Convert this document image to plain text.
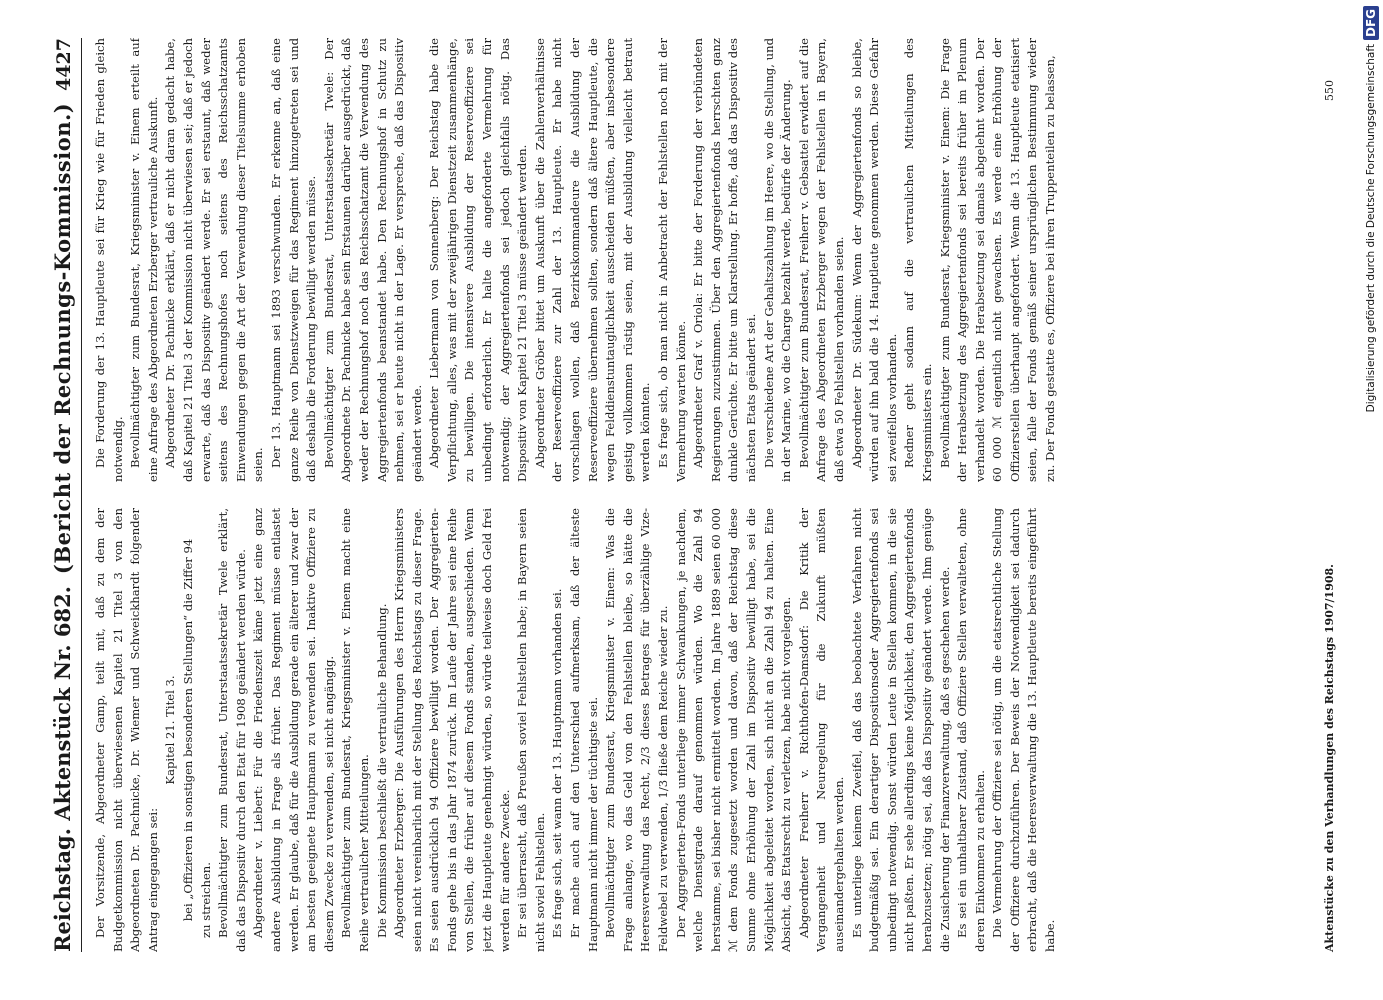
Reichstag. Aktenstück Nr. 682.
(Bericht der Rechnungs-Kommission.)
4427

Der Vorsitzende, Abgeordneter Gamp, teilt mit, daß zu dem der Budgetkommission nicht überwiesenen Kapitel 21 Titel 3 von den Abgeordneten Dr. Pachnicke, Dr. Wiemer und Schweickhardt folgender Antrag eingegangen sei:

Kapitel 21. Titel 3. bei „Offizieren in sonstigen besonderen Stellungen“ die Ziffer 94 zu streichen. Bevollmächtigter zum Bundesrat, Unterstaatssekretär Twele erklärt, daß das Dispositiv durch den Etat für 1908 geändert werden würde. Abgeordneter v. Liebert: Für die Friedenszeit käme jetzt eine ganz andere Ausbildung in Frage als früher. Das Regiment müsse entlastet werden. Er glaube, daß für die Ausbildung gerade ein älterer und zwar der am besten geeignete Hauptmann zu verwenden sei. Inaktive Offiziere zu diesem Zwecke zu verwenden, sei nicht angängig. Bevollmächtigter zum Bundesrat, Kriegsminister v. Einem macht eine Reihe vertraulicher Mitteilungen. Die Kommission beschließt die vertrauliche Behandlung. Abgeordneter Erzberger: Die Ausführungen des Herrn Kriegsministers seien nicht vereinbarlich mit der Stellung des Reichstags zu dieser Frage. Es seien ausdrücklich 94 Offiziere bewilligt worden. Der Aggregierten-Fonds gehe bis in das Jahr 1874 zurück. Im Laufe der Jahre sei eine Reihe von Stellen, die früher auf diesem Fonds standen, ausgeschieden. Wenn jetzt die Hauptleute genehmigt würden, so würde teilweise doch Geld frei werden für andere Zwecke. Er sei überrascht, daß Preußen soviel Fehlstellen habe; in Bayern seien nicht soviel Fehlstellen. Es frage sich, seit wann der 13. Hauptmann vorhanden sei. Er mache auch auf den Unterschied aufmerksam, daß der älteste Hauptmann nicht immer der tüchtigste sei. Bevollmächtigter zum Bundesrat, Kriegsminister v. Einem: Was die Frage anlange, wo das Geld von den Fehlstellen bleibe, so hätte die Heeresverwaltung das Recht, 2/3 dieses Betrages für überzählige Vize-Feldwebel zu verwenden, 1/3 fließe dem Reiche wieder zu. Der Aggregierten-Fonds unterliege immer Schwankungen, je nachdem, welche Dienstgrade darauf genommen würden. Wo die Zahl 94 herstamme, sei bisher nicht ermittelt worden. Im Jahre 1889 seien 60 000 ℳ dem Fonds zugesetzt worden und davon, daß der Reichstag diese Summe ohne Erhöhung der Zahl im Dispositiv bewilligt habe, sei die Möglichkeit abgeleitet worden, sich nicht an die Zahl 94 zu halten. Eine Absicht, das Etatsrecht zu verletzen, habe nicht vorgelegen. Abgeordneter Freiherr v. Richthofen-Damsdorf: Die Kritik der Vergangenheit und Neuregelung für die Zukunft müßten auseinandergehalten werden. Es unterliege keinem Zweifel, daß das beobachtete Verfahren nicht budgetmäßig sei. Ein derartiger Dispositionsoder Aggregiertenfonds sei unbedingt notwendig. Sonst würden Leute in Stellen kommen, in die sie nicht paßten. Er sehe allerdings keine Möglichkeit, den Aggregiertenfonds herabzusetzen; nötig sei, daß das Dispositiv geändert werde. Ihm genüge die Zusicherung der Finanzverwaltung, daß es geschehen werde. Es sei ein unhaltbarer Zustand, daß Offiziere Stellen verwalteten, ohne deren Einkommen zu erhalten. Die Vermehrung der Offiziere sei nötig, um die etatsrechtliche Stellung der Offiziere durchzuführen. Der Beweis der Notwendigkeit sei dadurch erbracht, daß die Heeresverwaltung die 13. Hauptleute bereits eingeführt habe.

Die Forderung der 13. Hauptleute sei für Krieg wie für Frieden gleich notwendig. Bevollmächtigter zum Bundesrat, Kriegsminister v. Einem erteilt auf eine Anfrage des Abgeordneten Erzberger vertrauliche Auskunft. Abgeordneter Dr. Pachnicke erklärt, daß er nicht daran gedacht habe, daß Kapitel 21 Titel 3 der Kommission nicht überwiesen sei; daß er jedoch erwarte, daß das Dispositiv geändert werde. Er sei erstaunt, daß weder seitens des Rechnungshofes noch seitens des Reichsschatzamts Einwendungen gegen die Art der Verwendung dieser Titelsumme erhoben seien. Der 13. Hauptmann sei 1893 verschwunden. Er erkenne an, daß eine ganze Reihe von Dienstzweigen für das Regiment hinzugetreten sei und daß deshalb die Forderung bewilligt werden müsse. Bevollmächtigter zum Bundesrat, Unterstaatssekretär Twele: Der Abgeordnete Dr. Pachnicke habe sein Erstaunen darüber ausgedrückt, daß weder der Rechnungshof noch das Reichsschatzamt die Verwendung des Aggregiertenfonds beanstandet habe. Den Rechnungshof in Schutz zu nehmen, sei er heute nicht in der Lage. Er verspreche, daß das Dispositiv geändert werde. Abgeordneter Liebermann von Sonnenberg: Der Reichstag habe die Verpflichtung, alles, was mit der zweijährigen Dienstzeit zusammenhänge, zu bewilligen. Die intensivere Ausbildung der Reserveoffiziere sei unbedingt erforderlich. Er halte die angeforderte Vermehrung für notwendig; der Aggregiertenfonds sei jedoch gleichfalls nötig. Das Dispositiv von Kapitel 21 Titel 3 müsse geändert werden. Abgeordneter Gröber bittet um Auskunft über die Zahlenverhältnisse der Reserveoffiziere zur Zahl der 13. Hauptleute. Er habe nicht vorschlagen wollen, daß Bezirkskommandeure die Ausbildung der Reserveoffiziere übernehmen sollten, sondern daß ältere Hauptleute, die wegen Felddienstuntauglichkeit ausscheiden müßten, aber insbesondere geistig vollkommen rüstig seien, mit der Ausbildung vielleicht betraut werden könnten. Es frage sich, ob man nicht in Anbetracht der Fehlstellen noch mit der Vermehrung warten könne. Abgeordneter Graf v. Oriola: Er bitte der Forderung der verbündeten Regierungen zuzustimmen. Über den Aggregiertenfonds herrschten ganz dunkle Gerüchte. Er bitte um Klarstellung. Er hoffe, daß das Dispositiv des nächsten Etats geändert sei. Die verschiedene Art der Gehaltszahlung im Heere, wo die Stellung, und in der Marine, wo die Charge bezahlt werde, bedürfe der Änderung. Bevollmächtigter zum Bundesrat, Freiherr v. Gebsattel erwidert auf die Anfrage des Abgeordneten Erzberger wegen der Fehlstellen in Bayern, daß etwa 50 Fehlstellen vorhanden seien. Abgeordneter Dr. Südekum: Wenn der Aggregiertenfonds so bleibe, würden auf ihn bald die 14. Hauptleute genommen werden. Diese Gefahr sei zweifellos vorhanden. Redner geht sodann auf die vertraulichen Mitteilungen des Kriegsministers ein. Bevollmächtigter zum Bundesrat, Kriegsminister v. Einem: Die Frage der Herabsetzung des Aggregiertenfonds sei bereits früher im Plenum verhandelt worden. Die Herabsetzung sei damals abgelehnt worden. Der 60 000 ℳ eigentlich nicht gewachsen. Es werde eine Erhöhung der Offizierstellen überhaupt angefordert. Wenn die 13. Hauptleute etatisiert seien, falle der Fonds gemäß seiner ursprünglichen Bestimmung wieder zu. Der Fonds gestatte es, Offiziere bei ihren Truppenteilen zu belassen,

Aktenstücke zu den Verhandlungen des Reichstags 1907/1908.
550
DFG
Digitalisierung gefördert durch die Deutsche Forschungsgemeinschaft
